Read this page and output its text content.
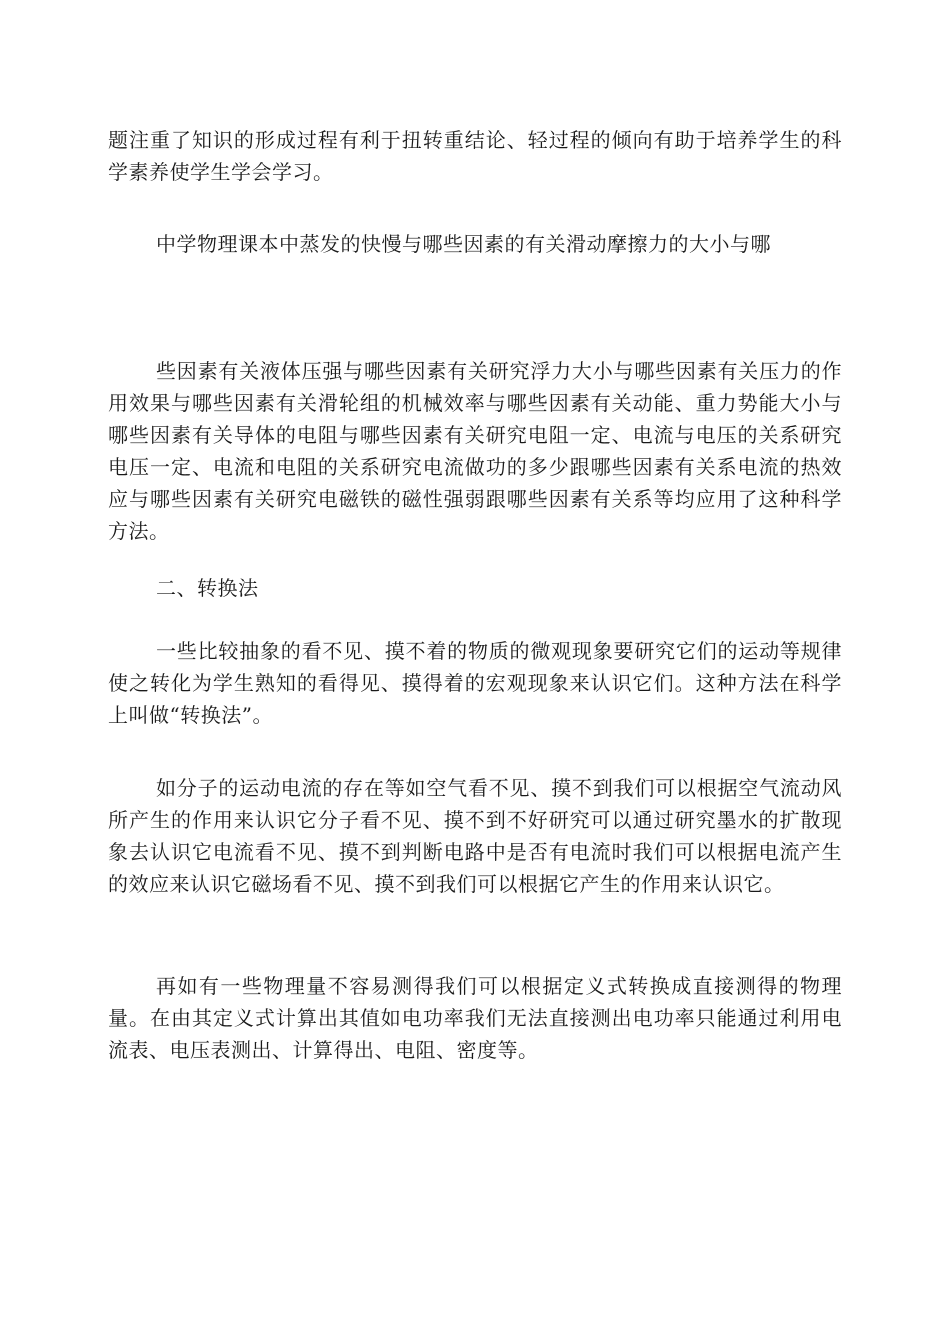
题注重了知识的形成过程有利于扭转重结论、轻过程的倾向有助于培养学生的科学素养使学生学会学习。

中学物理课本中蒸发的快慢与哪些因素的有关滑动摩擦力的大小与哪

些因素有关液体压强与哪些因素有关研究浮力大小与哪些因素有关压力的作用效果与哪些因素有关滑轮组的机械效率与哪些因素有关动能、重力势能大小与哪些因素有关导体的电阻与哪些因素有关研究电阻一定、电流与电压的关系研究电压一定、电流和电阻的关系研究电流做功的多少跟哪些因素有关系电流的热效应与哪些因素有关研究电磁铁的磁性强弱跟哪些因素有关系等均应用了这种科学方法。

二、转换法

一些比较抽象的看不见、摸不着的物质的微观现象要研究它们的运动等规律使之转化为学生熟知的看得见、摸得着的宏观现象来认识它们。这种方法在科学上叫做“转换法”。

如分子的运动电流的存在等如空气看不见、摸不到我们可以根据空气流动风所产生的作用来认识它分子看不见、摸不到不好研究可以通过研究墨水的扩散现象去认识它电流看不见、摸不到判断电路中是否有电流时我们可以根据电流产生的效应来认识它磁场看不见、摸不到我们可以根据它产生的作用来认识它。

再如有一些物理量不容易测得我们可以根据定义式转换成直接测得的物理量。在由其定义式计算出其值如电功率我们无法直接测出电功率只能通过利用电流表、电压表测出、计算得出、电阻、密度等。
